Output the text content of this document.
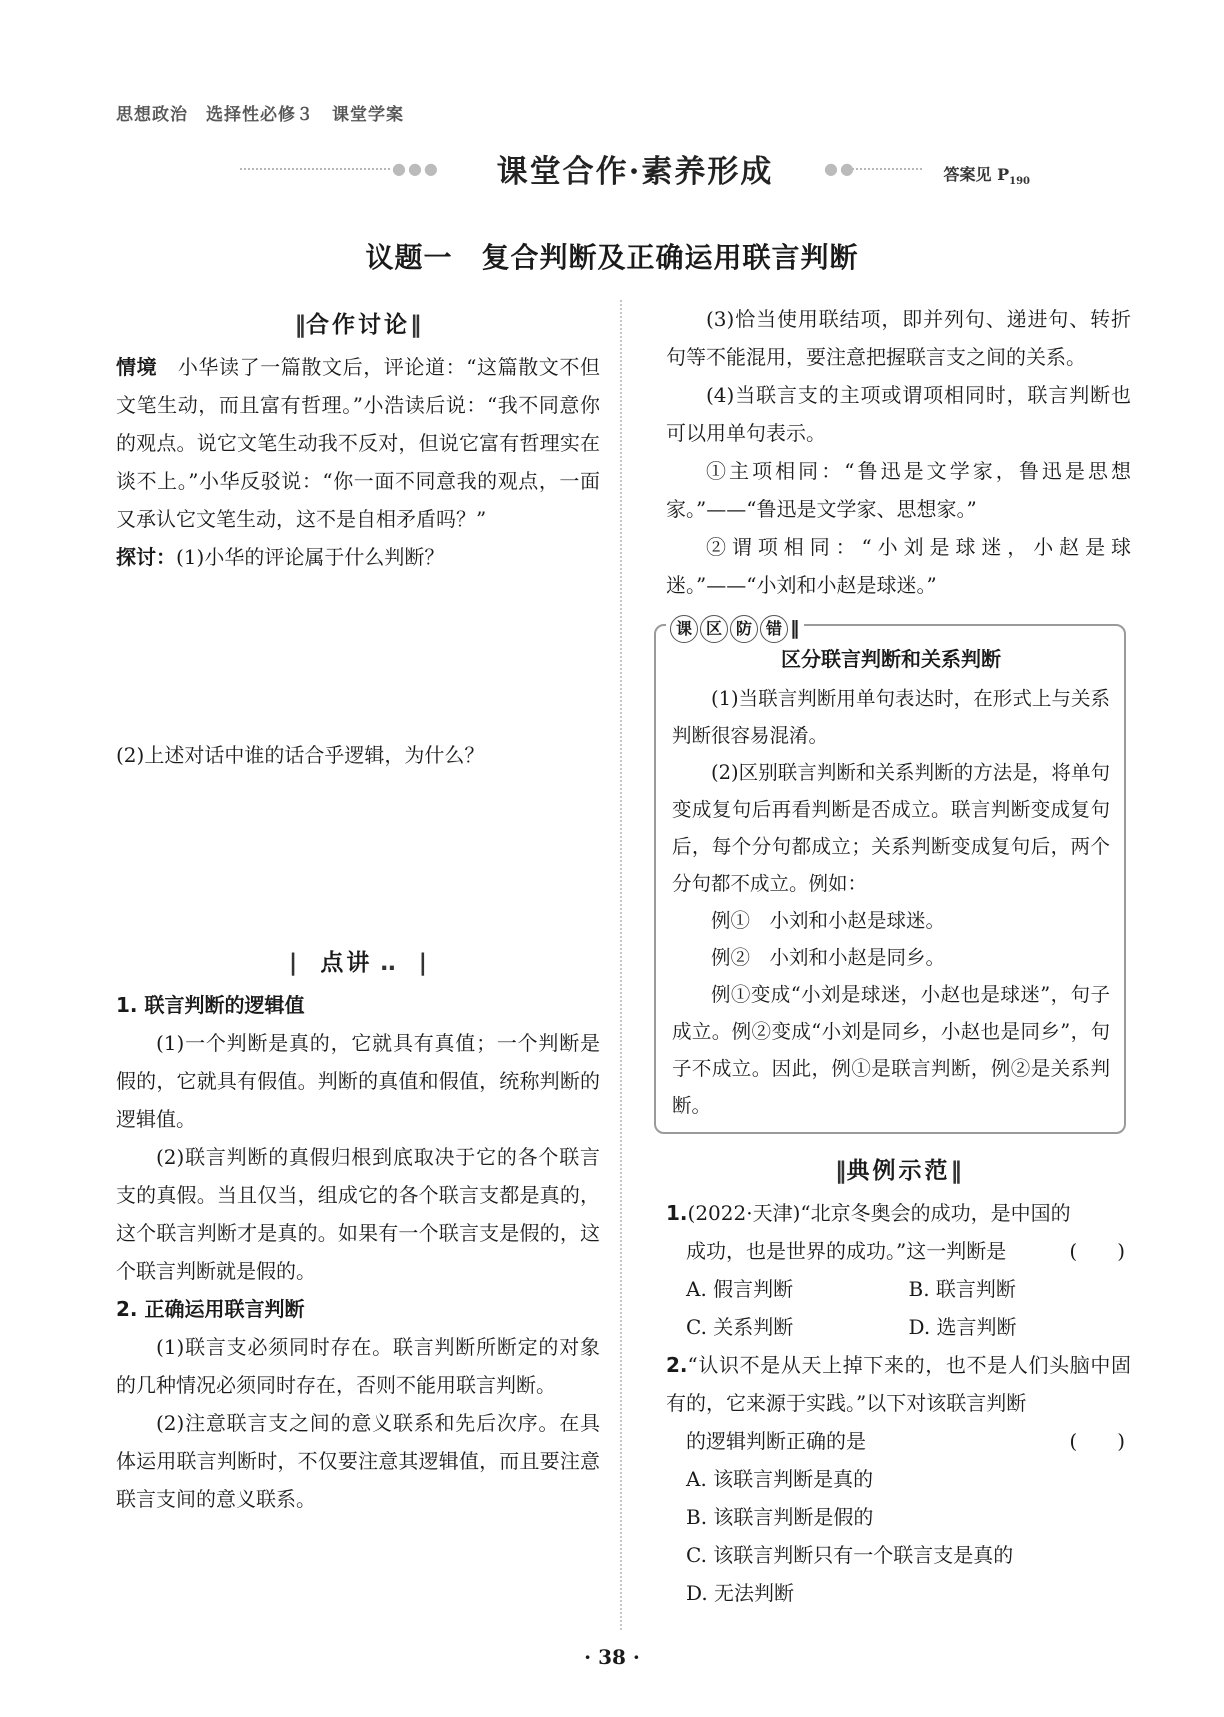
思想政治　选择性必修３　课堂学案
●●●	课堂合作·素养形成	●●	答案见 $P_{190}$
议题一　复合判断及正确运用联言判断
‖合作讨论‖

情境　 小华读了一篇散文后，评论道：“这篇散文不但文笔生动，而且富有哲理。”小浩读后说：“我不同意你的观点。说它文笔生动我不反对，但说它富有哲理实在谈不上。”小华反驳说：“你一面不同意我的观点，一面又承认它文笔生动，这不是自相矛盾吗？”

探讨：(1)小华的评论属于什么判断？

(2)上述对话中谁的话合乎逻辑，为什么？

|　点讲 ‥　|

1. 联言判断的逻辑值

(1)一个判断是真的，它就具有真值；一个判断是假的，它就具有假值。判断的真值和假值，统称判断的逻辑值。

(2)联言判断的真假归根到底取决于它的各个联言支的真假。当且仅当，组成它的各个联言支都是真的，这个联言判断才是真的。如果有一个联言支是假的，这个联言判断就是假的。

2. 正确运用联言判断

(1)联言支必须同时存在。联言判断所断定的对象的几种情况必须同时存在，否则不能用联言判断。

(2)注意联言支之间的意义联系和先后次序。在具体运用联言判断时，不仅要注意其逻辑值，而且要注意联言支间的意义联系。

(3)恰当使用联结项，即并列句、递进句、转折句等不能混用，要注意把握联言支之间的关系。

(4)当联言支的主项或谓项相同时，联言判断也可以用单句表示。

①主项相同：“鲁迅是文学家，鲁迅是思想家。”——“鲁迅是文学家、思想家。”

②谓项相同：“小刘是球迷，小赵是球迷。”——“小刘和小赵是球迷。”

课 区 防 错 ‖
区分联言判断和关系判断

(1)当联言判断用单句表达时，在形式上与关系判断很容易混淆。

(2)区别联言判断和关系判断的方法是，将单句变成复句后再看判断是否成立。联言判断变成复句后，每个分句都成立；关系判断变成复句后，两个分句都不成立。例如：

例①　小刘和小赵是球迷。

例②　小刘和小赵是同乡。

例①变成“小刘是球迷，小赵也是球迷”，句子成立。例②变成“小刘是同乡，小赵也是同乡”，句子不成立。因此，例①是联言判断，例②是关系判断。

‖典例示范‖

1.(2022·天津)“北京冬奥会的成功，是中国的

成功，也是世界的成功。”这一判断是	(　　)
A. 假言判断	B. 联言判断
C. 关系判断	D. 选言判断

2.“认识不是从天上掉下来的，也不是人们头脑中固有的，它来源于实践。”以下对该联言判断

的逻辑判断正确的是	(　　)
A. 该联言判断是真的
B. 该联言判断是假的
C. 该联言判断只有一个联言支是真的
D. 无法判断
· 38 ·
